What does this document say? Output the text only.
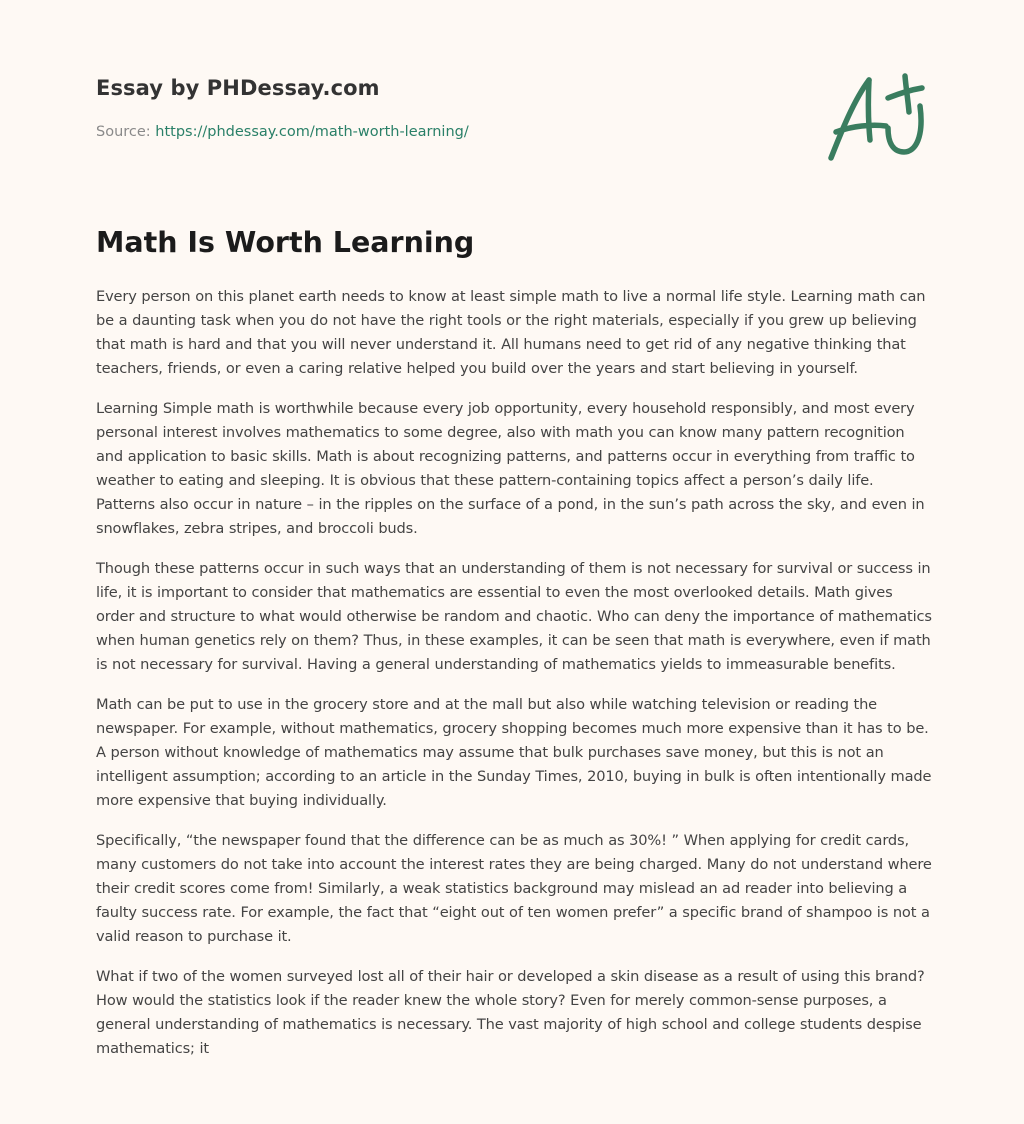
Essay by PHDessay.com
Source: https://phdessay.com/math-worth-learning/
Math Is Worth Learning

Every person on this planet earth needs to know at least simple math to live a normal life style. Learning math can be a daunting task when you do not have the right tools or the right materials, especially if you grew up believing that math is hard and that you will never understand it. All humans need to get rid of any negative thinking that teachers, friends, or even a caring relative helped you build over the years and start believing in yourself.

Learning Simple math is worthwhile because every job opportunity, every household responsibly, and most every personal interest involves mathematics to some degree, also with math you can know many pattern recognition and application to basic skills. Math is about recognizing patterns, and patterns occur in everything from traffic to weather to eating and sleeping. It is obvious that these pattern-containing topics affect a person’s daily life. Patterns also occur in nature – in the ripples on the surface of a pond, in the sun’s path across the sky, and even in snowflakes, zebra stripes, and broccoli buds.

Though these patterns occur in such ways that an understanding of them is not necessary for survival or success in life, it is important to consider that mathematics are essential to even the most overlooked details. Math gives order and structure to what would otherwise be random and chaotic. Who can deny the importance of mathematics when human genetics rely on them? Thus, in these examples, it can be seen that math is everywhere, even if math is not necessary for survival. Having a general understanding of mathematics yields to immeasurable benefits.

Math can be put to use in the grocery store and at the mall but also while watching television or reading the newspaper. For example, without mathematics, grocery shopping becomes much more expensive than it has to be. A person without knowledge of mathematics may assume that bulk purchases save money, but this is not an intelligent assumption; according to an article in the Sunday Times, 2010, buying in bulk is often intentionally made more expensive that buying individually.

Specifically, “the newspaper found that the difference can be as much as 30%! ” When applying for credit cards, many customers do not take into account the interest rates they are being charged. Many do not understand where their credit scores come from! Similarly, a weak statistics background may mislead an ad reader into believing a faulty success rate. For example, the fact that “eight out of ten women prefer” a specific brand of shampoo is not a valid reason to purchase it.

What if two of the women surveyed lost all of their hair or developed a skin disease as a result of using this brand? How would the statistics look if the reader knew the whole story? Even for merely common-sense purposes, a general understanding of mathematics is necessary. The vast majority of high school and college students despise mathematics; it
